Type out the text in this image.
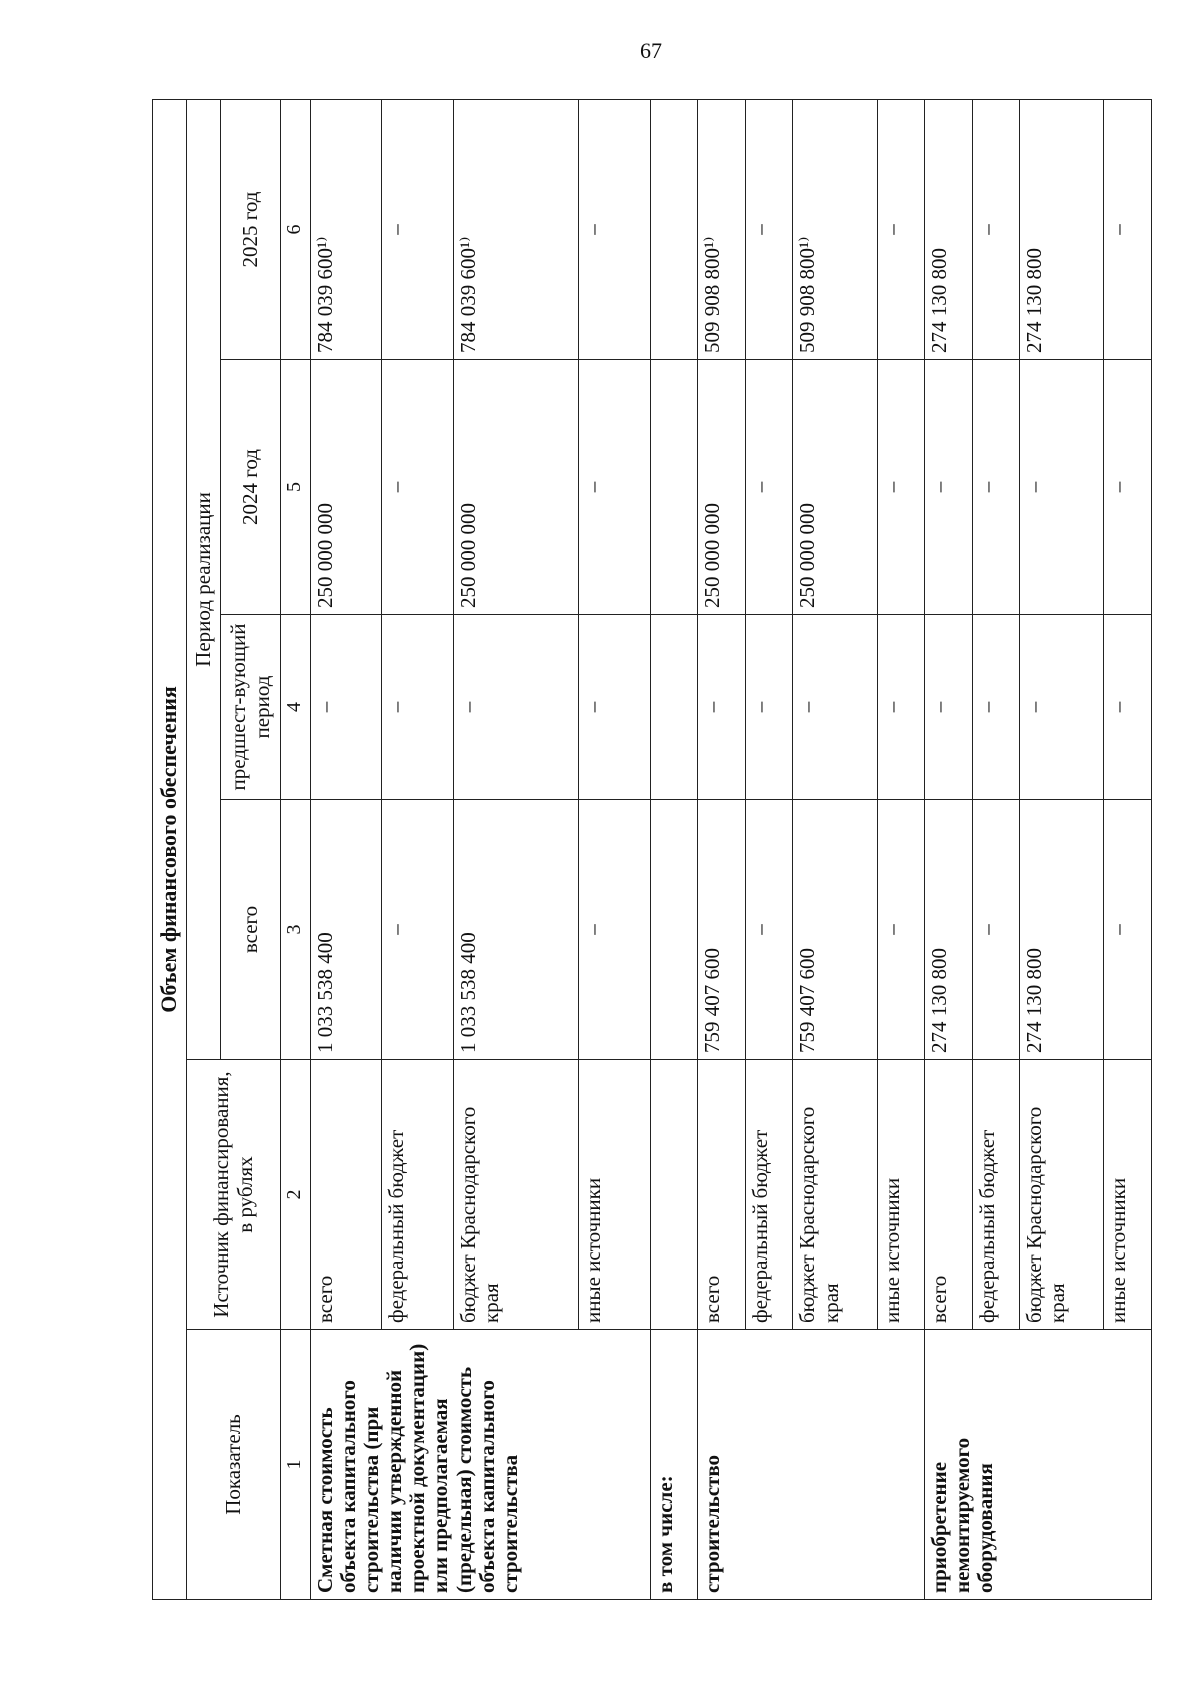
67
Объем финансового обеспечения					
Показатель	Источник финансирования, в рублях	Период реализации			
		всего	предшест-вующий период	2024 год	2025 год
1	2	3	4	5	6
Сметная стоимость объекта капитального строительства (при наличии утвержденной проектной документации) или предполагаемая (предельная) стоимость объекта капитального строительства	всего	1 033 538 400	–	250 000 000	784 039 600¹⁾
	федеральный бюджет	–	–	–	–
	бюджет Краснодарского края	1 033 538 400	–	250 000 000	784 039 600¹⁾
	иные источники	–	–	–	–
в том числе:					
строительство	всего	759 407 600	–	250 000 000	509 908 800¹⁾
	федеральный бюджет	–	–	–	–
	бюджет Краснодарского края	759 407 600	–	250 000 000	509 908 800¹⁾
	иные источники	–	–	–	–
приобретение немонтируемого оборудования	всего	274 130 800	–	–	274 130 800
	федеральный бюджет	–	–	–	–
	бюджет Краснодарского края	274 130 800	–	–	274 130 800
	иные источники	–	–	–	–
